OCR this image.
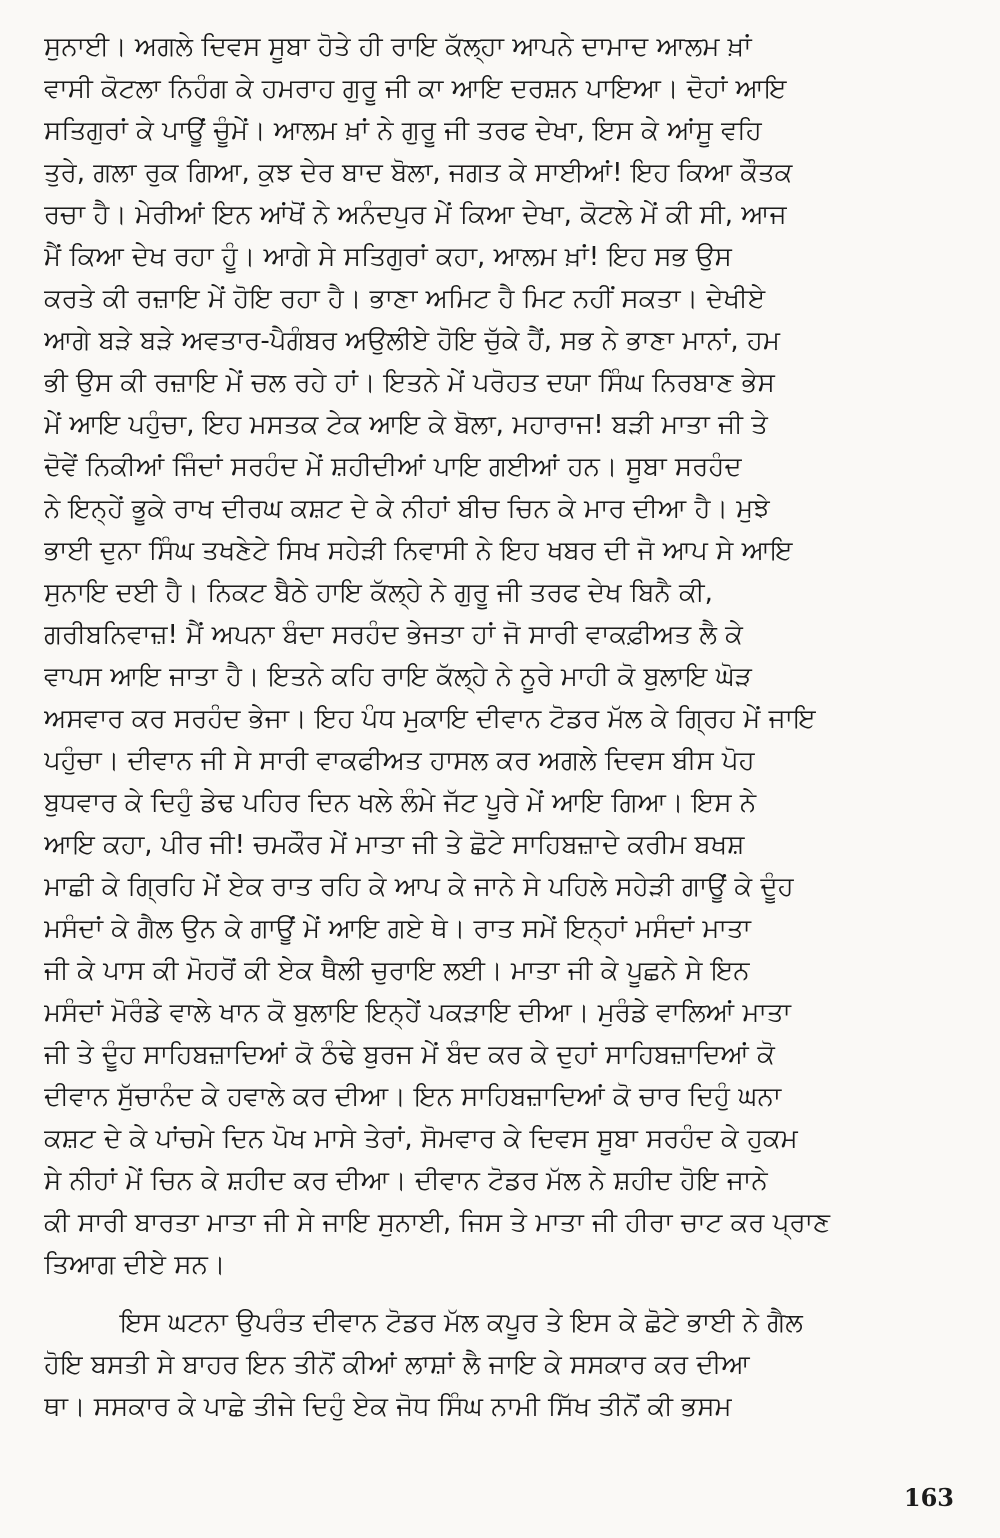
ਸੁਨਾਈ। ਅਗਲੇ ਦਿਵਸ ਸੂਬਾ ਹੋਤੇ ਹੀ ਰਾਇ ਕੱਲ੍ਹਾ ਆਪਨੇ ਦਾਮਾਦ ਆਲਮ ਖ਼ਾਂ
ਵਾਸੀ ਕੋਟਲਾ ਨਿਹੰਗ ਕੇ ਹਮਰਾਹ ਗੁਰੂ ਜੀ ਕਾ ਆਇ ਦਰਸ਼ਨ ਪਾਇਆ। ਦੋਹਾਂ ਆਇ
ਸਤਿਗੁਰਾਂ ਕੇ ਪਾਊਂ ਚੂੰਮੇਂ। ਆਲਮ ਖ਼ਾਂ ਨੇ ਗੁਰੂ ਜੀ ਤਰਫ ਦੇਖਾ, ਇਸ ਕੇ ਆਂਸੂ ਵਹਿ
ਤੁਰੇ, ਗਲਾ ਰੁਕ ਗਿਆ, ਕੁਝ ਦੇਰ ਬਾਦ ਬੋਲਾ, ਜਗਤ ਕੇ ਸਾਈਆਂ! ਇਹ ਕਿਆ ਕੌਤਕ
ਰਚਾ ਹੈ। ਮੇਰੀਆਂ ਇਨ ਆਂਖੋਂ ਨੇ ਅਨੰਦਪੁਰ ਮੇਂ ਕਿਆ ਦੇਖਾ, ਕੋਟਲੇ ਮੇਂ ਕੀ ਸੀ, ਆਜ
ਮੈਂ ਕਿਆ ਦੇਖ ਰਹਾ ਹੂੰ। ਆਗੇ ਸੇ ਸਤਿਗੁਰਾਂ ਕਹਾ, ਆਲਮ ਖ਼ਾਂ! ਇਹ ਸਭ ਉਸ
ਕਰਤੇ ਕੀ ਰਜ਼ਾਇ ਮੇਂ ਹੋਇ ਰਹਾ ਹੈ। ਭਾਣਾ ਅਮਿਟ ਹੈ ਮਿਟ ਨਹੀਂ ਸਕਤਾ। ਦੇਖੀਏ
ਆਗੇ ਬੜੇ ਬੜੇ ਅਵਤਾਰ-ਪੈਗੰਬਰ ਅਉਲੀਏ ਹੋਇ ਚੁੱਕੇ ਹੈਂ, ਸਭ ਨੇ ਭਾਣਾ ਮਾਨਾਂ, ਹਮ
ਭੀ ਉਸ ਕੀ ਰਜ਼ਾਇ ਮੇਂ ਚਲ ਰਹੇ ਹਾਂ। ਇਤਨੇ ਮੇਂ ਪਰੋਹਤ ਦਯਾ ਸਿੰਘ ਨਿਰਬਾਣ ਭੇਸ
ਮੇਂ ਆਇ ਪਹੁੰਚਾ, ਇਹ ਮਸਤਕ ਟੇਕ ਆਇ ਕੇ ਬੋਲਾ, ਮਹਾਰਾਜ! ਬੜੀ ਮਾਤਾ ਜੀ ਤੇ
ਦੋਵੇਂ ਨਿਕੀਆਂ ਜਿੰਦਾਂ ਸਰਹੰਦ ਮੇਂ ਸ਼ਹੀਦੀਆਂ ਪਾਇ ਗਈਆਂ ਹਨ। ਸੂਬਾ ਸਰਹੰਦ
ਨੇ ਇਨ੍ਹੇਂ ਭੂਕੇ ਰਾਖ ਦੀਰਘ ਕਸ਼ਟ ਦੇ ਕੇ ਨੀਹਾਂ ਬੀਚ ਚਿਨ ਕੇ ਮਾਰ ਦੀਆ ਹੈ। ਮੁਝੇ
ਭਾਈ ਦੁਨਾ ਸਿੰਘ ਤਖਣੇਟੇ ਸਿਖ ਸਹੇੜੀ ਨਿਵਾਸੀ ਨੇ ਇਹ ਖਬਰ ਦੀ ਜੋ ਆਪ ਸੇ ਆਇ
ਸੁਨਾਇ ਦਈ ਹੈ। ਨਿਕਟ ਬੈਠੇ ਹਾਇ ਕੱਲ੍ਹੇ ਨੇ ਗੁਰੂ ਜੀ ਤਰਫ ਦੇਖ ਬਿਨੈ ਕੀ,
ਗਰੀਬਨਿਵਾਜ਼! ਮੈਂ ਅਪਨਾ ਬੰਦਾ ਸਰਹੰਦ ਭੇਜਤਾ ਹਾਂ ਜੋ ਸਾਰੀ ਵਾਕਫ਼ੀਅਤ ਲੈ ਕੇ
ਵਾਪਸ ਆਇ ਜਾਤਾ ਹੈ। ਇਤਨੇ ਕਹਿ ਰਾਇ ਕੱਲ੍ਹੇ ਨੇ ਨੂਰੇ ਮਾਹੀ ਕੋ ਬੁਲਾਇ ਘੋੜ
ਅਸਵਾਰ ਕਰ ਸਰਹੰਦ ਭੇਜਾ। ਇਹ ਪੰਧ ਮੁਕਾਇ ਦੀਵਾਨ ਟੋਡਰ ਮੱਲ ਕੇ ਗ੍ਰਿਹ ਮੇਂ ਜਾਇ
ਪਹੁੰਚਾ। ਦੀਵਾਨ ਜੀ ਸੇ ਸਾਰੀ ਵਾਕਫੀਅਤ ਹਾਸਲ ਕਰ ਅਗਲੇ ਦਿਵਸ ਬੀਸ ਪੋਹ
ਬੁਧਵਾਰ ਕੇ ਦਿਹੁੰ ਡੇਢ ਪਹਿਰ ਦਿਨ ਖਲੇ ਲੰਮੇ ਜੱਟ ਪੂਰੇ ਮੇਂ ਆਇ ਗਿਆ। ਇਸ ਨੇ
ਆਇ ਕਹਾ, ਪੀਰ ਜੀ! ਚਮਕੌਰ ਮੇਂ ਮਾਤਾ ਜੀ ਤੇ ਛੋਟੇ ਸਾਹਿਬਜ਼ਾਦੇ ਕਰੀਮ ਬਖਸ਼
ਮਾਛੀ ਕੇ ਗ੍ਰਿਹਿ ਮੇਂ ਏਕ ਰਾਤ ਰਹਿ ਕੇ ਆਪ ਕੇ ਜਾਨੇ ਸੇ ਪਹਿਲੇ ਸਹੇੜੀ ਗਾਊਂ ਕੇ ਦੂੰਹ
ਮਸੰਦਾਂ ਕੇ ਗੈਲ ਉਨ ਕੇ ਗਾਊਂ ਮੇਂ ਆਇ ਗਏ ਥੇ। ਰਾਤ ਸਮੇਂ ਇਨ੍ਹਾਂ ਮਸੰਦਾਂ ਮਾਤਾ
ਜੀ ਕੇ ਪਾਸ ਕੀ ਮੋਹਰੋਂ ਕੀ ਏਕ ਥੈਲੀ ਚੁਰਾਇ ਲਈ। ਮਾਤਾ ਜੀ ਕੇ ਪੂਛਨੇ ਸੇ ਇਨ
ਮਸੰਦਾਂ ਮੋਰੰਡੇ ਵਾਲੇ ਖਾਨ ਕੋ ਬੁਲਾਇ ਇਨ੍ਹੇਂ ਪਕੜਾਇ ਦੀਆ। ਮੁਰੰਡੇ ਵਾਲਿਆਂ ਮਾਤਾ
ਜੀ ਤੇ ਦੂੰਹ ਸਾਹਿਬਜ਼ਾਦਿਆਂ ਕੋ ਠੰਢੇ ਬੁਰਜ ਮੇਂ ਬੰਦ ਕਰ ਕੇ ਦੁਹਾਂ ਸਾਹਿਬਜ਼ਾਦਿਆਂ ਕੋ
ਦੀਵਾਨ ਸੁੱਚਾਨੰਦ ਕੇ ਹਵਾਲੇ ਕਰ ਦੀਆ। ਇਨ ਸਾਹਿਬਜ਼ਾਦਿਆਂ ਕੋ ਚਾਰ ਦਿਹੁੰ ਘਨਾ
ਕਸ਼ਟ ਦੇ ਕੇ ਪਾਂਚਮੇ ਦਿਨ ਪੋਖ ਮਾਸੇ ਤੇਰਾਂ, ਸੋਮਵਾਰ ਕੇ ਦਿਵਸ ਸੂਬਾ ਸਰਹੰਦ ਕੇ ਹੁਕਮ
ਸੇ ਨੀਹਾਂ ਮੇਂ ਚਿਨ ਕੇ ਸ਼ਹੀਦ ਕਰ ਦੀਆ। ਦੀਵਾਨ ਟੋਡਰ ਮੱਲ ਨੇ ਸ਼ਹੀਦ ਹੋਇ ਜਾਨੇ
ਕੀ ਸਾਰੀ ਬਾਰਤਾ ਮਾਤਾ ਜੀ ਸੇ ਜਾਇ ਸੁਨਾਈ, ਜਿਸ ਤੇ ਮਾਤਾ ਜੀ ਹੀਰਾ ਚਾਟ ਕਰ ਪ੍ਰਾਣ
ਤਿਆਗ ਦੀਏ ਸਨ।

ਇਸ ਘਟਨਾ ਉਪਰੰਤ ਦੀਵਾਨ ਟੋਡਰ ਮੱਲ ਕਪੂਰ ਤੇ ਇਸ ਕੇ ਛੋਟੇ ਭਾਈ ਨੇ ਗੈਲ
ਹੋਇ ਬਸਤੀ ਸੇ ਬਾਹਰ ਇਨ ਤੀਨੋਂ ਕੀਆਂ ਲਾਸ਼ਾਂ ਲੈ ਜਾਇ ਕੇ ਸਸਕਾਰ ਕਰ ਦੀਆ
ਥਾ। ਸਸਕਾਰ ਕੇ ਪਾਛੇ ਤੀਜੇ ਦਿਹੁੰ ਏਕ ਜੋਧ ਸਿੰਘ ਨਾਮੀ ਸਿੱਖ ਤੀਨੋਂ ਕੀ ਭਸਮ

163
